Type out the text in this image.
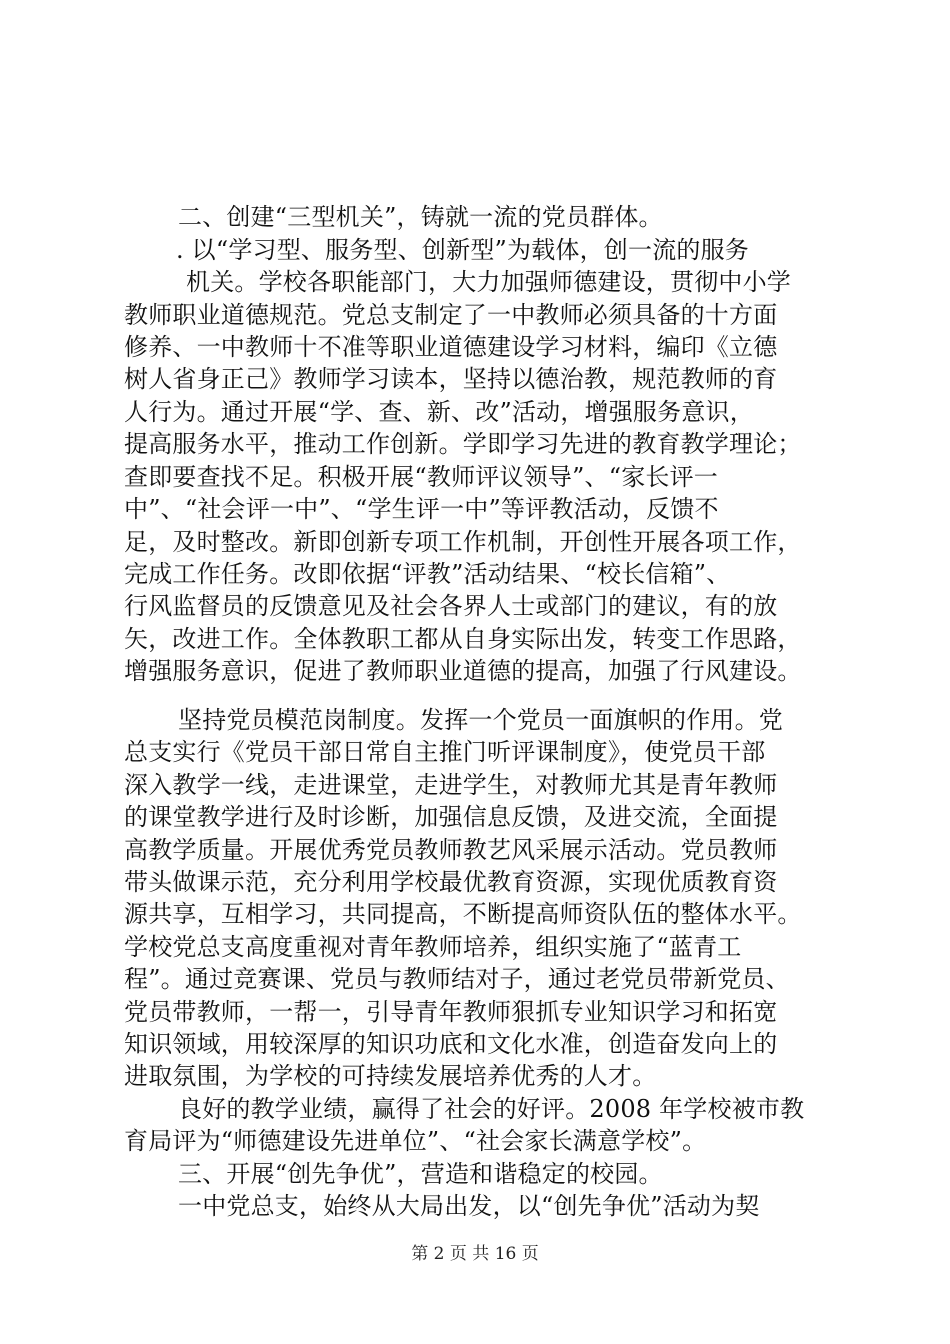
二、创建“三型机关”，铸就一流的党员群体。
. 以“学习型、服务型、创新型”为载体，创一流的服务
机关。学校各职能部门，大力加强师德建设，贯彻中小学
教师职业道德规范。党总支制定了一中教师必须具备的十方面
修养、一中教师十不准等职业道德建设学习材料，编印《立德
树人省身正己》教师学习读本，坚持以德治教，规范教师的育
人行为。通过开展“学、查、新、改”活动，增强服务意识，
提高服务水平，推动工作创新。学即学习先进的教育教学理论；
查即要查找不足。积极开展“教师评议领导”、“家长评一
中”、“社会评一中”、“学生评一中”等评教活动，反馈不
足，及时整改。新即创新专项工作机制，开创性开展各项工作，
完成工作任务。改即依据“评教”活动结果、“校长信箱”、
行风监督员的反馈意见及社会各界人士或部门的建议，有的放
矢，改进工作。全体教职工都从自身实际出发，转变工作思路，
增强服务意识，促进了教师职业道德的提高，加强了行风建设。
坚持党员模范岗制度。发挥一个党员一面旗帜的作用。党
总支实行《党员干部日常自主推门听评课制度》，使党员干部
深入教学一线，走进课堂，走进学生，对教师尤其是青年教师
的课堂教学进行及时诊断，加强信息反馈，及进交流，全面提
高教学质量。开展优秀党员教师教艺风采展示活动。党员教师
带头做课示范，充分利用学校最优教育资源，实现优质教育资
源共享，互相学习，共同提高，不断提高师资队伍的整体水平。
学校党总支高度重视对青年教师培养，组织实施了“蓝青工
程”。通过竞赛课、党员与教师结对子，通过老党员带新党员、
党员带教师，一帮一，引导青年教师狠抓专业知识学习和拓宽
知识领域，用较深厚的知识功底和文化水准，创造奋发向上的
进取氛围，为学校的可持续发展培养优秀的人才。
良好的教学业绩，赢得了社会的好评。2008 年学校被市教
育局评为“师德建设先进单位”、“社会家长满意学校”。
三、开展“创先争优”，营造和谐稳定的校园。
一中党总支，始终从大局出发，以“创先争优”活动为契
第 2 页 共 16 页
